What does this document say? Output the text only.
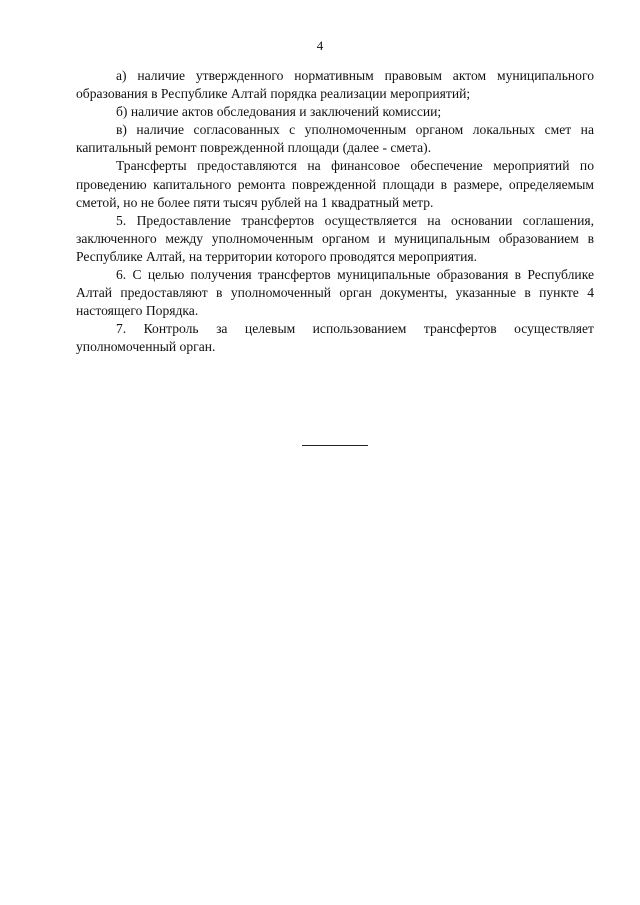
4

а) наличие утвержденного нормативным правовым актом муниципального образования в Республике Алтай порядка реализации мероприятий;

б) наличие актов обследования и заключений комиссии;

в) наличие согласованных с уполномоченным органом локальных смет на капитальный ремонт поврежденной площади (далее - смета).

Трансферты предоставляются на финансовое обеспечение мероприятий по проведению капитального ремонта поврежденной площади в размере, определяемым сметой, но не более пяти тысяч рублей на 1 квадратный метр.

5. Предоставление трансфертов осуществляется на основании соглашения, заключенного между уполномоченным органом и муниципальным образованием в Республике Алтай, на территории которого проводятся мероприятия.

6. С целью получения трансфертов муниципальные образования в Республике Алтай предоставляют в уполномоченный орган документы, указанные в пункте 4 настоящего Порядка.

7. Контроль за целевым использованием трансфертов осуществляет уполномоченный орган.
